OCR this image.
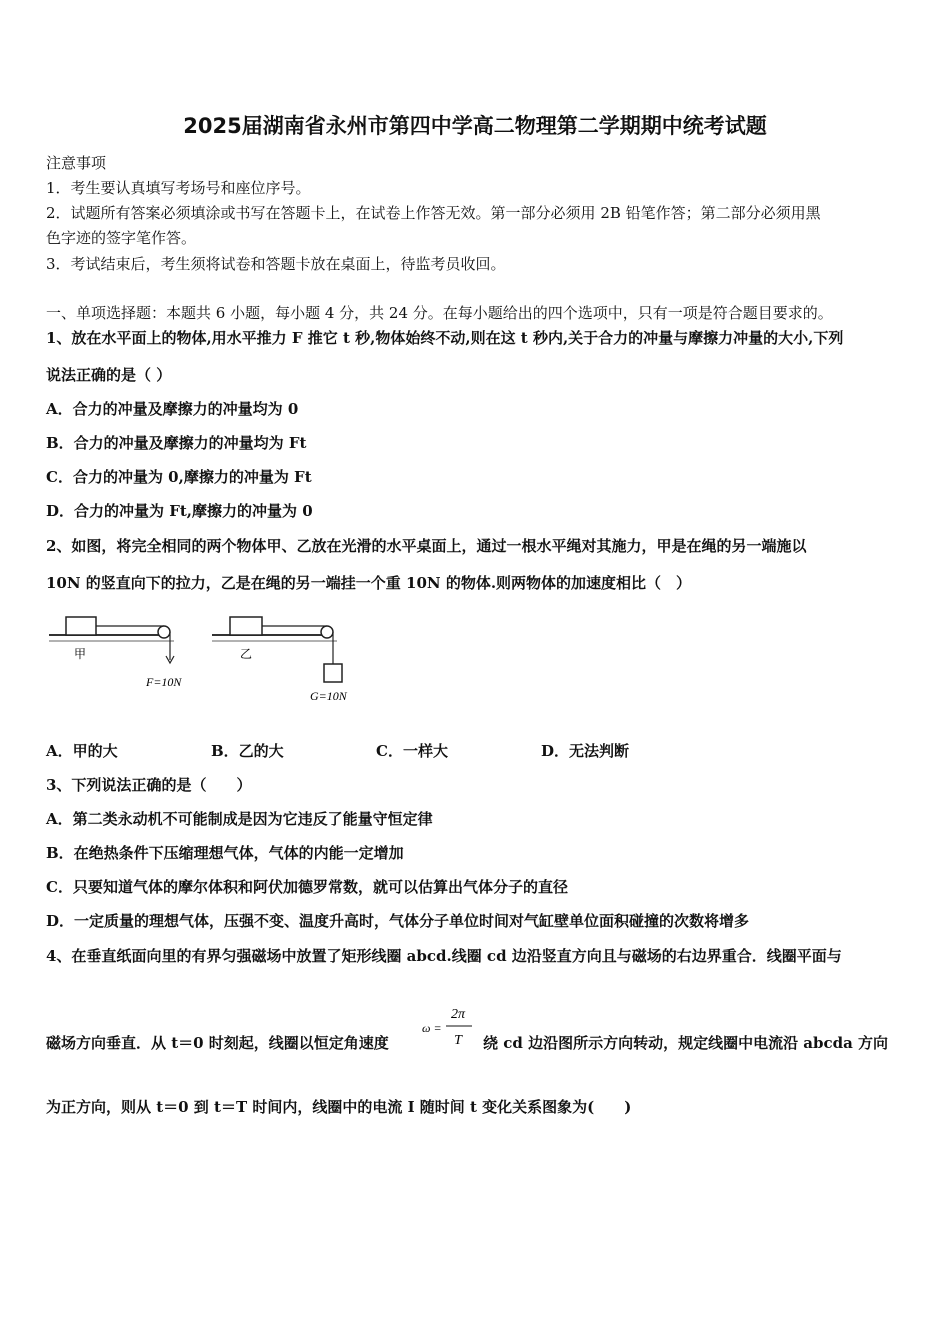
2025届湖南省永州市第四中学高二物理第二学期期中统考试题
注意事项
1．考生要认真填写考场号和座位序号。
2．试题所有答案必须填涂或书写在答题卡上，在试卷上作答无效。第一部分必须用 2B 铅笔作答；第二部分必须用黑
色字迹的签字笔作答。
3．考试结束后，考生须将试卷和答题卡放在桌面上，待监考员收回。
一、单项选择题：本题共 6 小题，每小题 4 分，共 24 分。在每小题给出的四个选项中，只有一项是符合题目要求的。
1、放在水平面上的物体,用水平推力 F 推它 t 秒,物体始终不动,则在这 t 秒内,关于合力的冲量与摩擦力冲量的大小,下列
说法正确的是（ ）
A．合力的冲量及摩擦力的冲量均为 0
B．合力的冲量及摩擦力的冲量均为 Ft
C．合力的冲量为 0,摩擦力的冲量为 Ft
D．合力的冲量为 Ft,摩擦力的冲量为 0
2、如图，将完全相同的两个物体甲、乙放在光滑的水平桌面上，通过一根水平绳对其施力，甲是在绳的另一端施以
10N 的竖直向下的拉力，乙是在绳的另一端挂一个重 10N 的物体.则两物体的加速度相比（　）
甲
F=10N
乙
G=10N
A．甲的大	B．乙的大	C．一样大	D．无法判断
3、下列说法正确的是（　　）
A．第二类永动机不可能制成是因为它违反了能量守恒定律
B．在绝热条件下压缩理想气体，气体的内能一定增加
C．只要知道气体的摩尔体积和阿伏加德罗常数，就可以估算出气体分子的直径
D．一定质量的理想气体，压强不变、温度升高时，气体分子单位时间对气缸壁单位面积碰撞的次数将增多
4、在垂直纸面向里的有界匀强磁场中放置了矩形线圈 abcd.线圈 cd 边沿竖直方向且与磁场的右边界重合．线圈平面与
磁场方向垂直．从 t＝0 时刻起，线圈以恒定角速度
ω =
2π
T 绕 cd 边沿图所示方向转动，规定线圈中电流沿 abcda 方向
为正方向，则从 t＝0 到 t＝T 时间内，线圈中的电流 I 随时间 t 变化关系图象为(　　)
